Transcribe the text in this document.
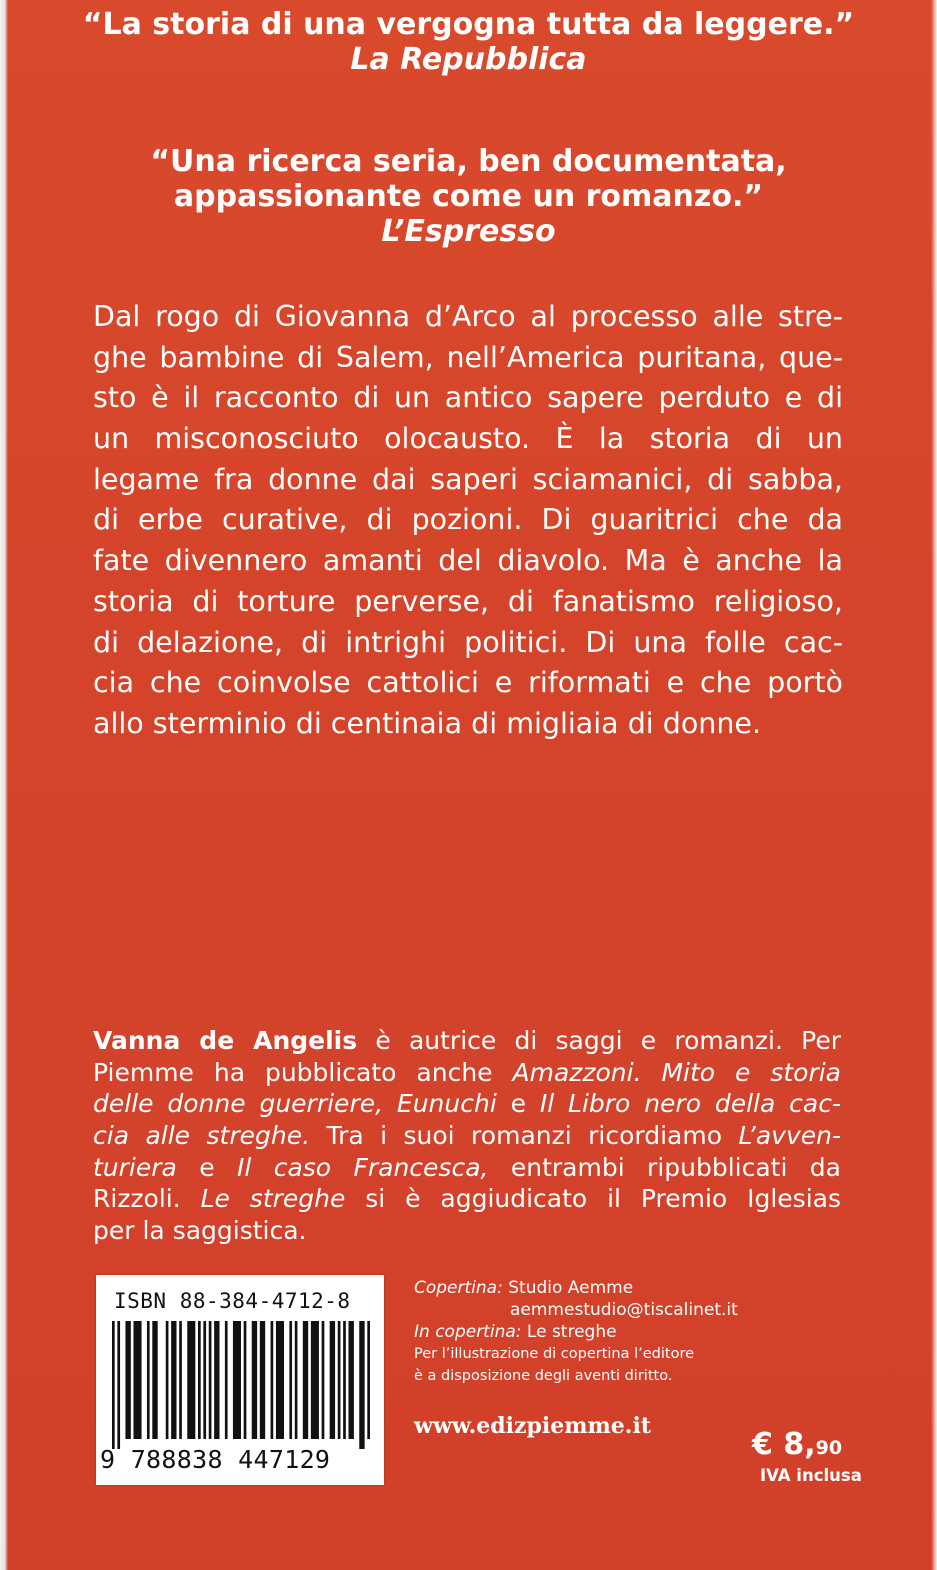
“La storia di una vergogna tutta da leggere.”
La Repubblica
“Una ricerca seria, ben documentata,
appassionante come un romanzo.”
L’Espresso
Dal rogo di Giovanna d’Arco al processo alle stre-
ghe bambine di Salem, nell’America puritana, que-
sto è il racconto di un antico sapere perduto e di
un misconosciuto olocausto. È la storia di un
legame fra donne dai saperi sciamanici, di sabba,
di erbe curative, di pozioni. Di guaritrici che da
fate divennero amanti del diavolo. Ma è anche la
storia di torture perverse, di fanatismo religioso,
di delazione, di intrighi politici. Di una folle cac-
cia che coinvolse cattolici e riformati e che portò
allo sterminio di centinaia di migliaia di donne.
Vanna de Angelis è autrice di saggi e romanzi. Per
Piemme ha pubblicato anche Amazzoni. Mito e storia
delle donne guerriere, Eunuchi e Il Libro nero della cac-
cia alle streghe. Tra i suoi romanzi ricordiamo L’avven-
turiera e Il caso Francesca, entrambi ripubblicati da
Rizzoli. Le streghe si è aggiudicato il Premio Iglesias
per la saggistica.
ISBN 88-384-4712-8
9 788838 447129
Copertina: Studio Aemme
aemmestudio@tiscalinet.it
In copertina: Le streghe
Per l’illustrazione di copertina l’editore
è a disposizione degli aventi diritto.
www.edizpiemme.it
€ 8,90
IVA inclusa
